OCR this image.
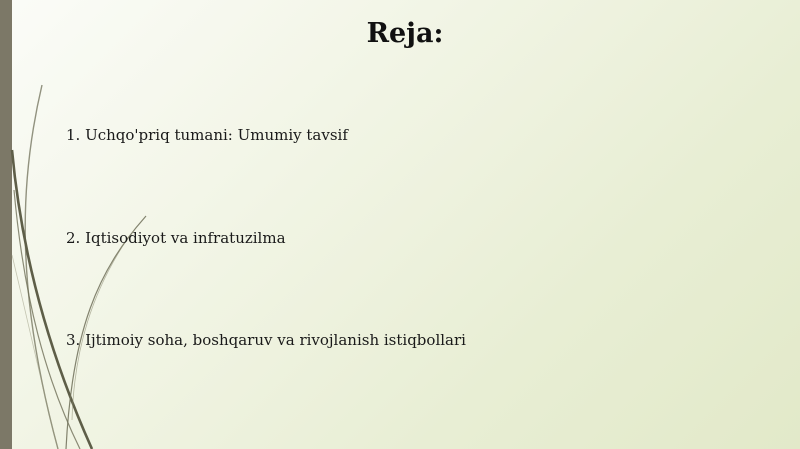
Reja:

1. Uchqo'priq tumani: Umumiy tavsif

2. Iqtisodiyot va infratuzilma

3. Ijtimoiy soha, boshqaruv va rivojlanish istiqbollari
